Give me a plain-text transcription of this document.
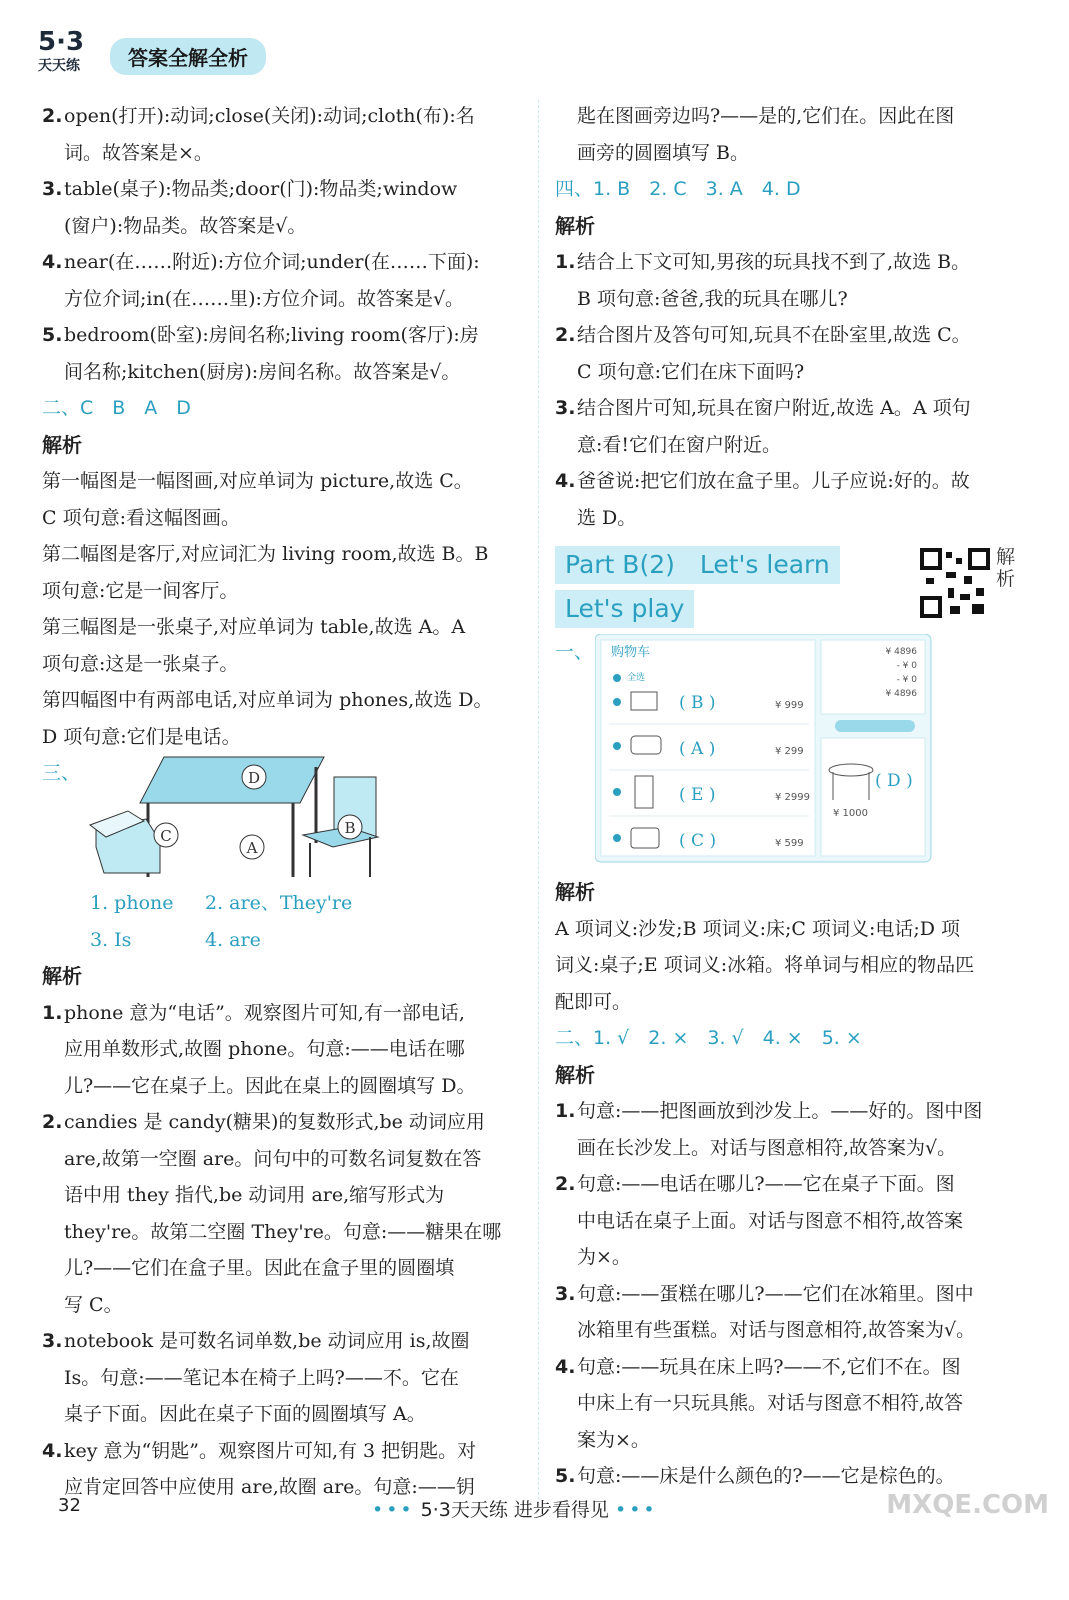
5·3
天天练	答案全解全析
2.open(打开):动词;close(关闭):动词;cloth(布):名
词。故答案是×。
3.table(桌子):物品类;door(门):物品类;window
(窗户):物品类。故答案是√。
4.near(在……附近):方位介词;under(在……下面):
方位介词;in(在……里):方位介词。故答案是√。
5.bedroom(卧室):房间名称;living room(客厅):房
间名称;kitchen(厨房):房间名称。故答案是√。
二、C　B　A　D
解析
第一幅图是一幅图画,对应单词为 picture,故选 C。
C 项句意:看这幅图画。
第二幅图是客厅,对应词汇为 living room,故选 B。B
项句意:它是一间客厅。
第三幅图是一张桌子,对应单词为 table,故选 A。A
项句意:这是一张桌子。
第四幅图中有两部电话,对应单词为 phones,故选 D。
D 项句意:它们是电话。
三、	D
C
A
B
1. phone	2. are、They're
3. Is	4. are
解析
1.phone 意为“电话”。观察图片可知,有一部电话,
应用单数形式,故圈 phone。句意:——电话在哪
儿?——它在桌子上。因此在桌上的圆圈填写 D。
2.candies 是 candy(糖果)的复数形式,be 动词应用
are,故第一空圈 are。问句中的可数名词复数在答
语中用 they 指代,be 动词用 are,缩写形式为
they're。故第二空圈 They're。句意:——糖果在哪
儿?——它们在盒子里。因此在盒子里的圆圈填
写 C。
3.notebook 是可数名词单数,be 动词应用 is,故圈
Is。句意:——笔记本在椅子上吗?——不。它在
桌子下面。因此在桌子下面的圆圈填写 A。
4.key 意为“钥匙”。观察图片可知,有 3 把钥匙。对
应肯定回答中应使用 are,故圈 are。句意:——钥
匙在图画旁边吗?——是的,它们在。因此在图
画旁的圆圈填写 B。
四、1. B　2. C　3. A　4. D
解析
1.结合上下文可知,男孩的玩具找不到了,故选 B。
B 项句意:爸爸,我的玩具在哪儿?
2.结合图片及答句可知,玩具不在卧室里,故选 C。
C 项句意:它们在床下面吗?
3.结合图片可知,玩具在窗户附近,故选 A。A 项句
意:看!它们在窗户附近。
4.爸爸说:把它们放在盒子里。儿子应说:好的。故
选 D。
Part B(2)　Let's learn
Let's play
解析
一、 购物车
全选
( B )	¥ 999
( A )	¥ 299
( E )	¥ 2999
( C )	¥ 599
¥ 4896
- ¥ 0
- ¥ 0
¥ 4896
( D )
¥ 1000
解析
A 项词义:沙发;B 项词义:床;C 项词义:电话;D 项
词义:桌子;E 项词义:冰箱。将单词与相应的物品匹
配即可。
二、1. √　2. ×　3. √　4. ×　5. ×
解析
1.句意:——把图画放到沙发上。——好的。图中图
画在长沙发上。对话与图意相符,故答案为√。
2.句意:——电话在哪儿?——它在桌子下面。图
中电话在桌子上面。对话与图意不相符,故答案
为×。
3.句意:——蛋糕在哪儿?——它们在冰箱里。图中
冰箱里有些蛋糕。对话与图意相符,故答案为√。
4.句意:——玩具在床上吗?——不,它们不在。图
中床上有一只玩具熊。对话与图意不相符,故答
案为×。
5.句意:——床是什么颜色的?——它是棕色的。
32	••• 5·3天天练 进步看得见 •••	MXQE.COM
